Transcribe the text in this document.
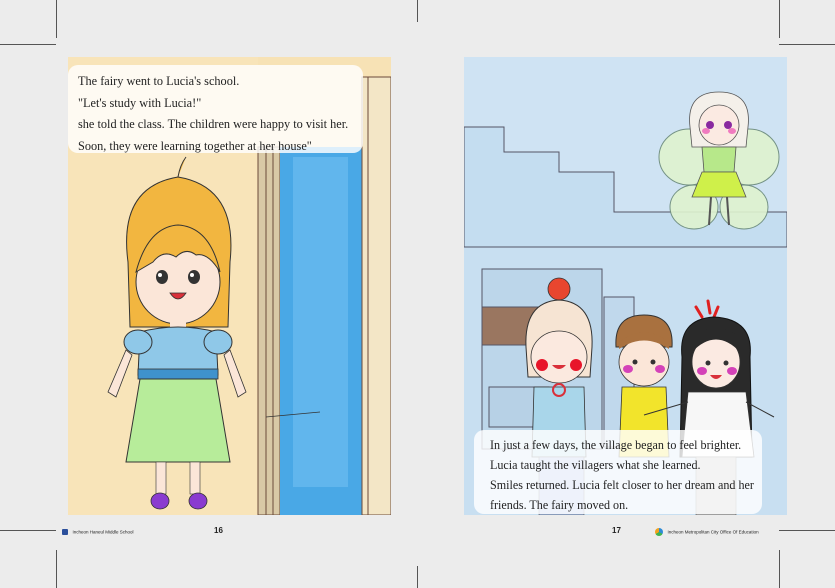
The fairy went to Lucia's school.

"Let's study with Lucia!"

she told the class. The children were happy to visit her.

Soon, they were learning together at her house"

In just a few days, the village began to feel brighter.

Lucia taught the villagers what she learned.

Smiles returned. Lucia felt closer to her dream and her

friends. The fairy moved on.

Incheon Haneul Middle School	16	17	Incheon Metropolitan City Office Of Education
